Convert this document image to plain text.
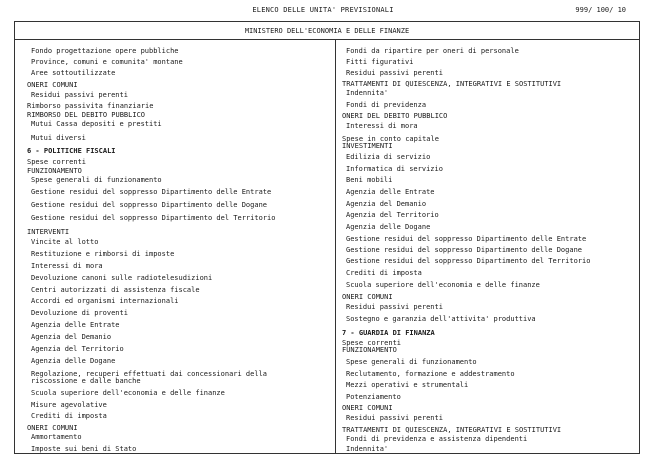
ELENCO DELLE UNITA' PREVISIONALI	999/ 100/ 10
MINISTERO DELL'ECONOMIA E DELLE FINANZE
Fondo progettazione opere pubbliche
Province, comuni e comunita' montane
Aree sottoutilizzate
ONERI COMUNI
Residui passivi perenti
Rimborso passivita finanziarie
RIMBORSO DEL DEBITO PUBBLICO
Mutui Cassa depositi e prestiti
Mutui diversi
6 - POLITICHE FISCALI
Spese correnti
FUNZIONAMENTO
Spese generali di funzionamento
Gestione residui del soppresso Dipartimento delle Entrate
Gestione residui del soppresso Dipartimento delle Dogane
Gestione residui del soppresso Dipartimento del Territorio
INTERVENTI
Vincite al lotto
Restituzione e rimborsi di imposte
Interessi di mora
Devoluzione canoni sulle radiotelesudizioni
Centri autorizzati di assistenza fiscale
Accordi ed organismi internazionali
Devoluzione di proventi
Agenzia delle Entrate
Agenzia del Demanio
Agenzia del Territorio
Agenzia delle Dogane
Regolazione, recuperi effettuati dai concessionari della
riscossione e dalle banche
Scuola superiore dell'economia e delle finanze
Misure agevolative
Crediti di imposta
ONERI COMUNI
Ammortamento
Imposte sui beni di Stato
Fondi da ripartire per oneri di personale
Fitti figurativi
Residui passivi perenti
TRATTAMENTI DI QUIESCENZA, INTEGRATIVI E SOSTITUTIVI
Indennita'
Fondi di previdenza
ONERI DEL DEBITO PUBBLICO
Interessi di mora
Spese in conto capitale
INVESTIMENTI
Edilizia di servizio
Informatica di servizio
Beni mobili
Agenzia delle Entrate
Agenzia del Demanio
Agenzia del Territorio
Agenzia delle Dogane
Gestione residui del soppresso Dipartimento delle Entrate
Gestione residui del soppresso Dipartimento delle Dogane
Gestione residui del soppresso Dipartimento del Territorio
Crediti di imposta
Scuola superiore dell'economia e delle finanze
ONERI COMUNI
Residui passivi perenti
Sostegno e garanzia dell'attivita' produttiva
7 - GUARDIA DI FINANZA
Spese correnti
FUNZIONAMENTO
Spese generali di funzionamento
Reclutamento, formazione e addestramento
Mezzi operativi e strumentali
Potenziamento
ONERI COMUNI
Residui passivi perenti
TRATTAMENTI DI QUIESCENZA, INTEGRATIVI E SOSTITUTIVI
Fondi di previdenza e assistenza dipendenti
Indennita'
